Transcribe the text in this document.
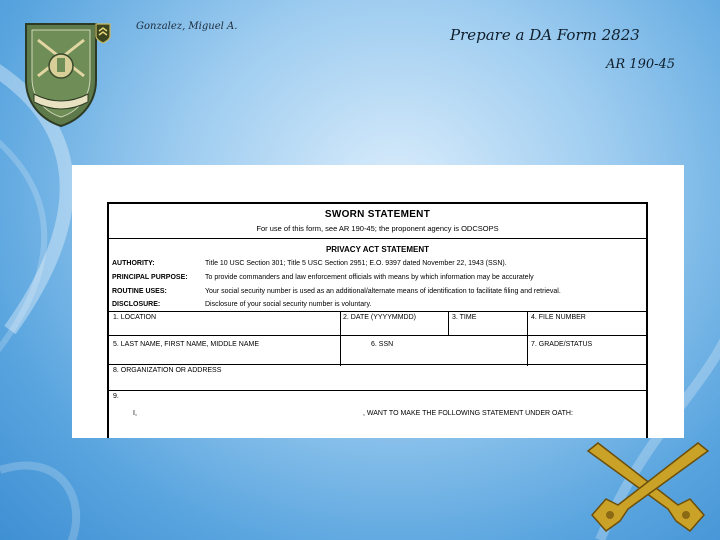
Gonzalez, Miguel A.	Prepare a DA Form 2823
AR 190-45
SWORN STATEMENT
For use of this form, see AR 190-45; the proponent agency is ODCSOPS
PRIVACY ACT STATEMENT
AUTHORITY:	Title 10 USC Section 301; Title 5 USC Section 2951; E.O. 9397 dated November 22, 1943 (SSN).
PRINCIPAL PURPOSE: To provide commanders and law enforcement officials with means by which information may be accurately
ROUTINE USES:	Your social security number is used as an additional/alternate means of identification to facilitate filing and retrieval.
DISCLOSURE:	Disclosure of your social security number is voluntary.
1. LOCATION	2. DATE (YYYYMMDD)	3. TIME	4. FILE NUMBER
5. LAST NAME, FIRST NAME, MIDDLE NAME	6. SSN	7. GRADE/STATUS
8. ORGANIZATION OR ADDRESS
9.
I,	, WANT TO MAKE THE FOLLOWING STATEMENT UNDER OATH:
